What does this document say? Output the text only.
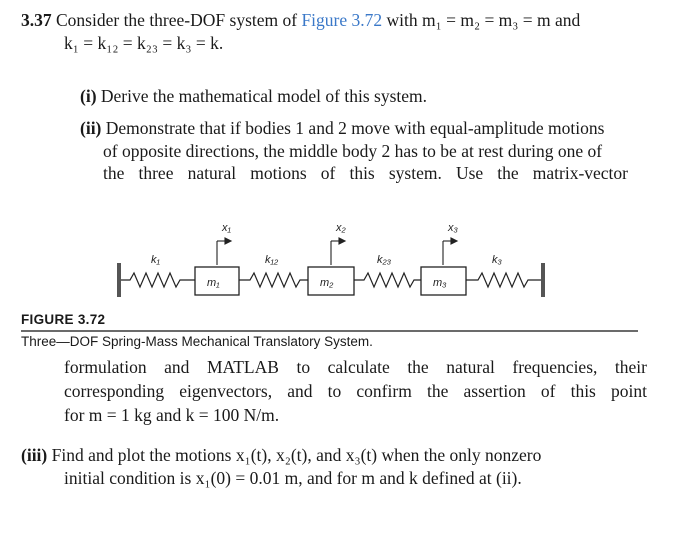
3.37 Consider the three-DOF system of Figure 3.72 with m₁ = m₂ = m₃ = m and
k₁ = k₁₂ = k₂₃ = k₃ = k.
(i) Derive the mathematical model of this system.
(ii) Demonstrate that if bodies 1 and 2 move with equal-amplitude motions
of opposite directions, the middle body 2 has to be at rest during one of
the three natural motions of this system. Use the matrix-vector
x₁	x₂	x₃
k₁	k₁₂	k₂₃	k₃
m₁	m₂	m₃
FIGURE 3.72
Three—DOF Spring-Mass Mechanical Translatory System.
formulation and MATLAB to calculate the natural frequencies, their
corresponding eigenvectors, and to confirm the assertion of this point
for m = 1 kg and k = 100 N/m.
(iii) Find and plot the motions x₁(t), x₂(t), and x₃(t) when the only nonzero
initial condition is x₁(0) = 0.01 m, and for m and k defined at (ii).
